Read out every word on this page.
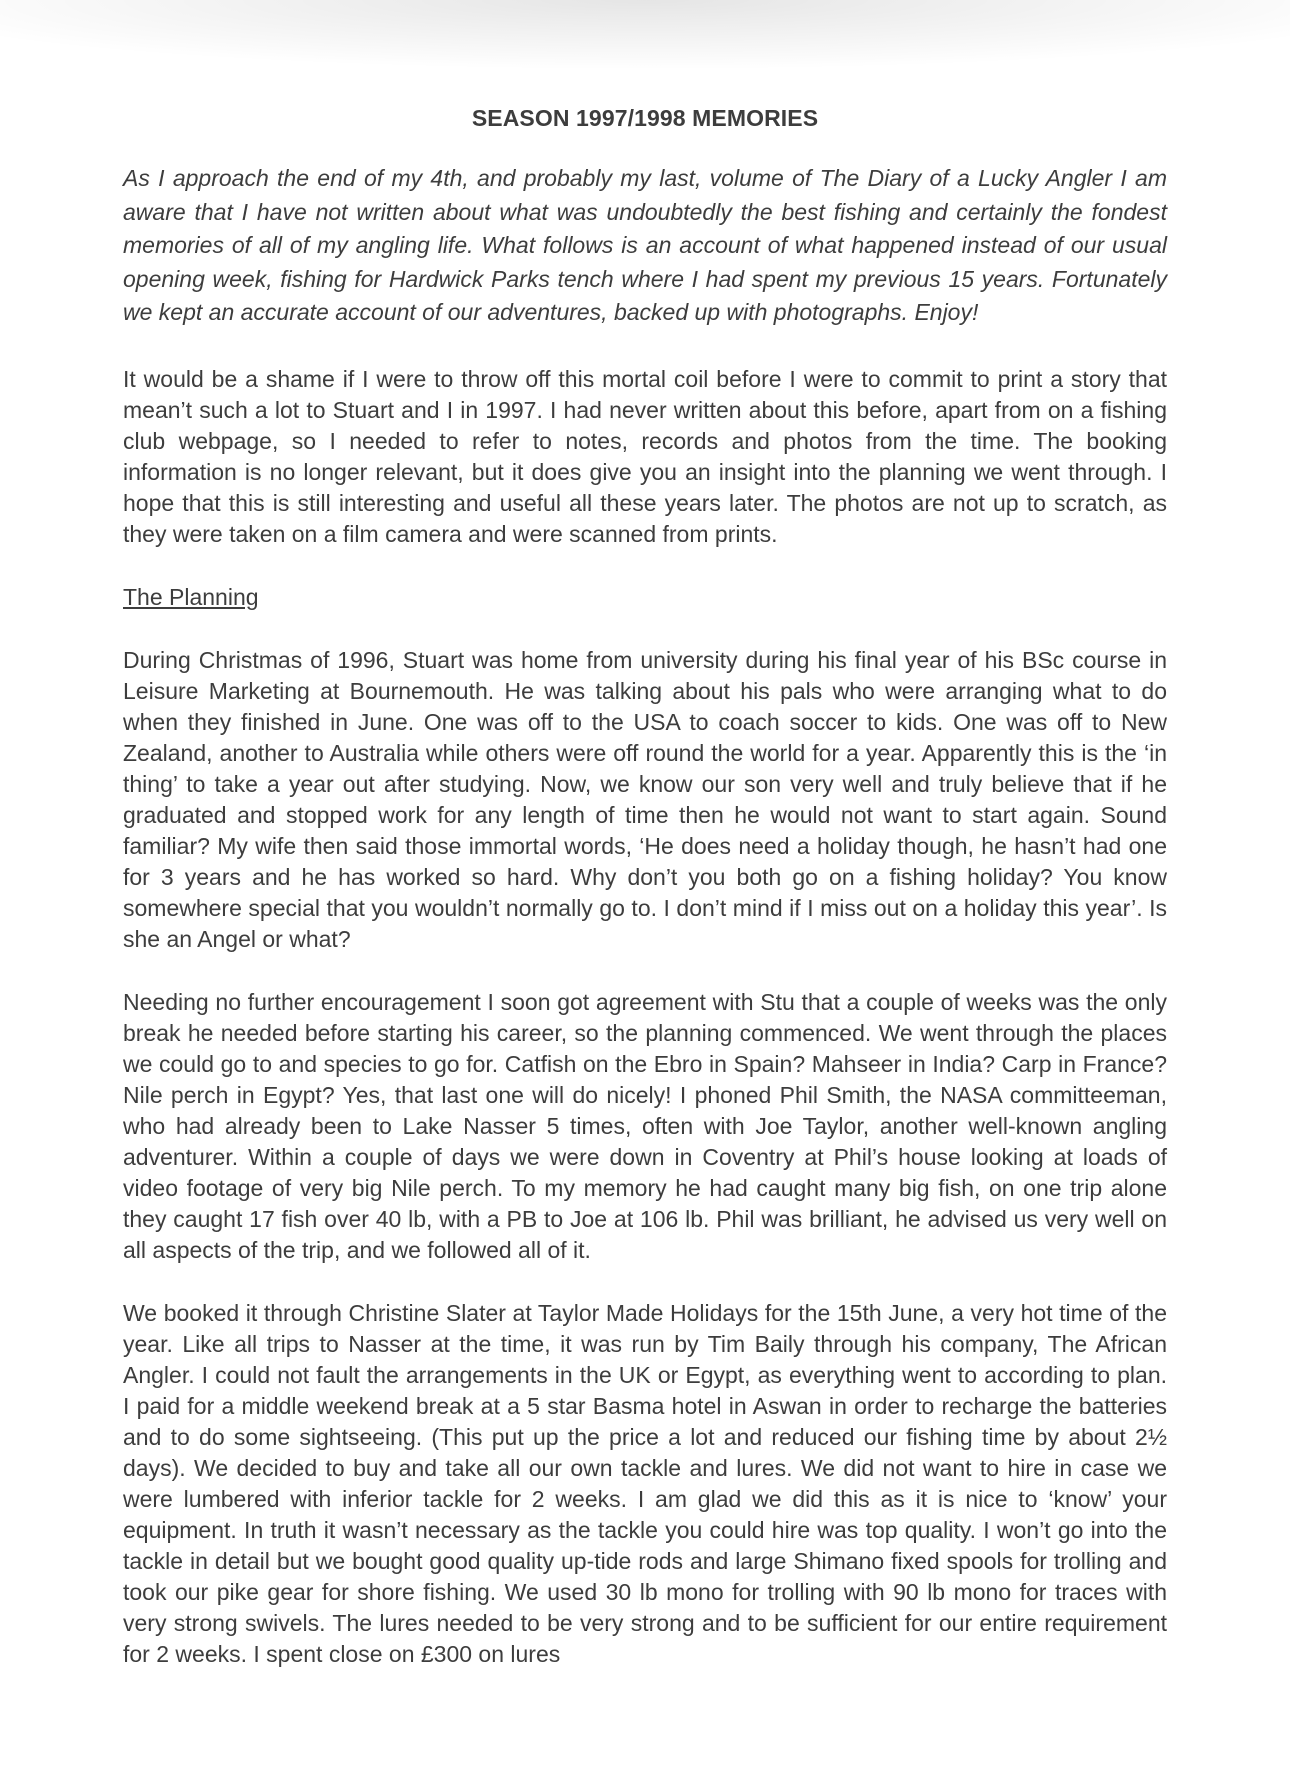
SEASON 1997/1998 MEMORIES

As I approach the end of my 4th, and probably my last, volume of The Diary of a Lucky Angler I am aware that I have not written about what was undoubtedly the best fishing and certainly the fondest memories of all of my angling life. What follows is an account of what happened instead of our usual opening week, fishing for Hardwick Parks tench where I had spent my previous 15 years. Fortunately we kept an accurate account of our adventures, backed up with photographs. Enjoy!

It would be a shame if I were to throw off this mortal coil before I were to commit to print a story that mean’t such a lot to Stuart and I in 1997. I had never written about this before, apart from on a fishing club webpage, so I needed to refer to notes, records and photos from the time. The booking information is no longer relevant, but it does give you an insight into the planning we went through. I hope that this is still interesting and useful all these years later. The photos are not up to scratch, as they were taken on a film camera and were scanned from prints.

The Planning

During Christmas of 1996, Stuart was home from university during his final year of his BSc course in Leisure Marketing at Bournemouth. He was talking about his pals who were arranging what to do when they finished in June. One was off to the USA to coach soccer to kids. One was off to New Zealand, another to Australia while others were off round the world for a year. Apparently this is the ‘in thing’ to take a year out after studying. Now, we know our son very well and truly believe that if he graduated and stopped work for any length of time then he would not want to start again. Sound familiar? My wife then said those immortal words, ‘He does need a holiday though, he hasn’t had one for 3 years and he has worked so hard. Why don’t you both go on a fishing holiday? You know somewhere special that you wouldn’t normally go to. I don’t mind if I miss out on a holiday this year’. Is she an Angel or what?

Needing no further encouragement I soon got agreement with Stu that a couple of weeks was the only break he needed before starting his career, so the planning commenced. We went through the places we could go to and species to go for. Catfish on the Ebro in Spain? Mahseer in India? Carp in France? Nile perch in Egypt? Yes, that last one will do nicely! I phoned Phil Smith, the NASA committeeman, who had already been to Lake Nasser 5 times, often with Joe Taylor, another well-known angling adventurer. Within a couple of days we were down in Coventry at Phil’s house looking at loads of video footage of very big Nile perch. To my memory he had caught many big fish, on one trip alone they caught 17 fish over 40 lb, with a PB to Joe at 106 lb. Phil was brilliant, he advised us very well on all aspects of the trip, and we followed all of it.

We booked it through Christine Slater at Taylor Made Holidays for the 15th June, a very hot time of the year. Like all trips to Nasser at the time, it was run by Tim Baily through his company, The African Angler. I could not fault the arrangements in the UK or Egypt, as everything went to according to plan. I paid for a middle weekend break at a 5 star Basma hotel in Aswan in order to recharge the batteries and to do some sightseeing. (This put up the price a lot and reduced our fishing time by about 2½ days). We decided to buy and take all our own tackle and lures. We did not want to hire in case we were lumbered with inferior tackle for 2 weeks. I am glad we did this as it is nice to ‘know’ your equipment. In truth it wasn’t necessary as the tackle you could hire was top quality. I won’t go into the tackle in detail but we bought good quality up-tide rods and large Shimano fixed spools for trolling and took our pike gear for shore fishing. We used 30 lb mono for trolling with 90 lb mono for traces with very strong swivels. The lures needed to be very strong and to be sufficient for our entire requirement for 2 weeks. I spent close on £300 on lures
